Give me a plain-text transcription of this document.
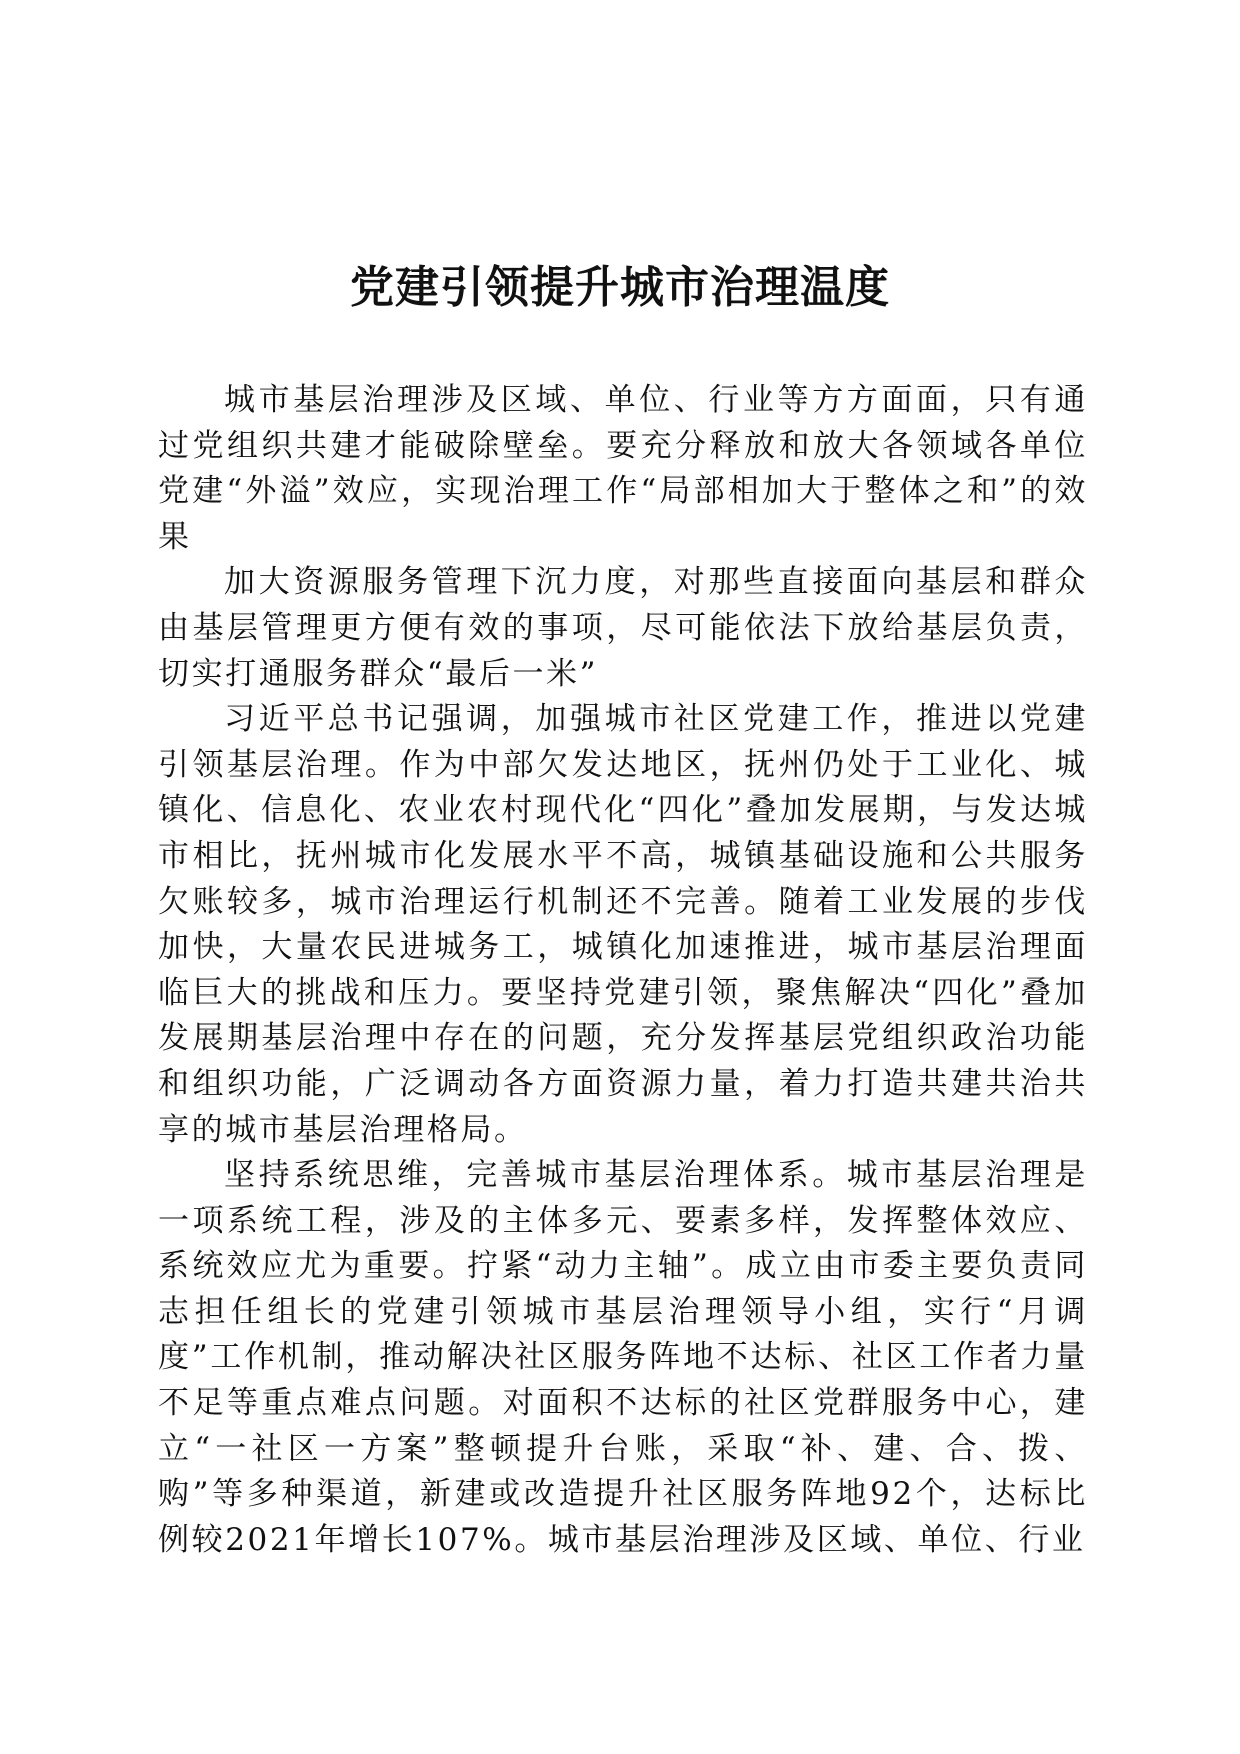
党建引领提升城市治理温度

城市基层治理涉及区域、单位、行业等方方面面，只有通过党组织共建才能破除壁垒。要充分释放和放大各领域各单位党建“外溢”效应，实现治理工作“局部相加大于整体之和”的效果

加大资源服务管理下沉力度，对那些直接面向基层和群众由基层管理更方便有效的事项，尽可能依法下放给基层负责，切实打通服务群众“最后一米”

习近平总书记强调，加强城市社区党建工作，推进以党建引领基层治理。作为中部欠发达地区，抚州仍处于工业化、城镇化、信息化、农业农村现代化“四化”叠加发展期，与发达城市相比，抚州城市化发展水平不高，城镇基础设施和公共服务欠账较多，城市治理运行机制还不完善。随着工业发展的步伐加快，大量农民进城务工，城镇化加速推进，城市基层治理面临巨大的挑战和压力。要坚持党建引领，聚焦解决“四化”叠加发展期基层治理中存在的问题，充分发挥基层党组织政治功能和组织功能，广泛调动各方面资源力量，着力打造共建共治共享的城市基层治理格局。

坚持系统思维，完善城市基层治理体系。城市基层治理是一项系统工程，涉及的主体多元、要素多样，发挥整体效应、系统效应尤为重要。拧紧“动力主轴”。成立由市委主要负责同志担任组长的党建引领城市基层治理领导小组，实行“月调度”工作机制，推动解决社区服务阵地不达标、社区工作者力量不足等重点难点问题。对面积不达标的社区党群服务中心，建立“一社区一方案”整顿提升台账，采取“补、建、合、拨、购”等多种渠道，新建或改造提升社区服务阵地92个，达标比例较2021年增长107%。城市基层治理涉及区域、单位、行业
